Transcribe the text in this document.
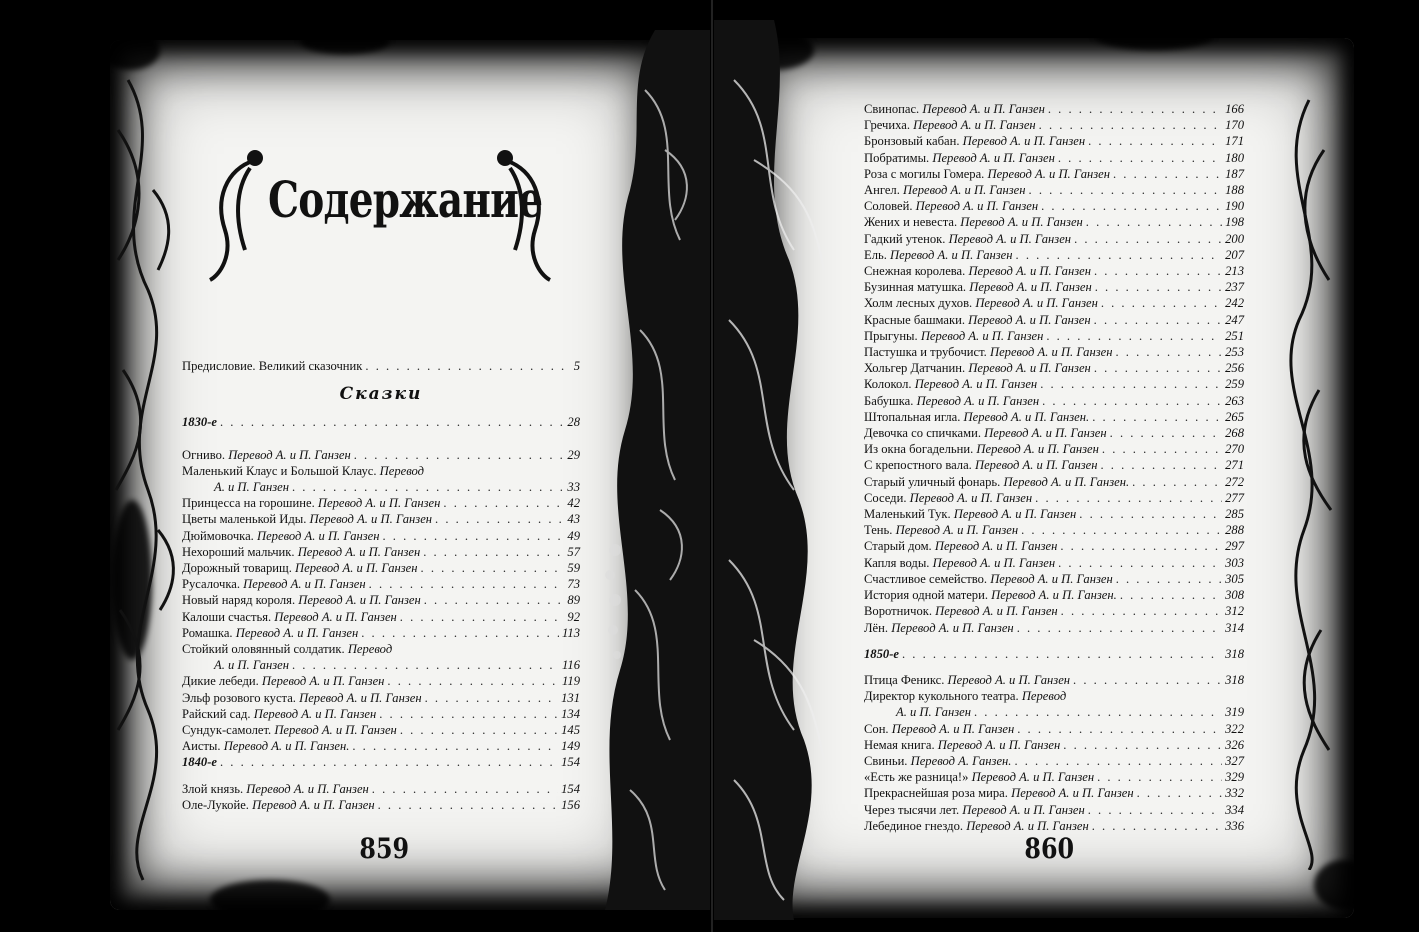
Содержание
Предисловие. Великий сказочник . . .	5
Сказки
1830-е . . .	28
Огниво. Перевод А. и П. Ганзен . . .	29
Маленький Клаус и Большой Клаус. Перевод
А. и П. Ганзен . . .	33
Принцесса на горошине. Перевод А. и П. Ганзен . . .	42
Цветы маленькой Иды. Перевод А. и П. Ганзен . . .	43
Дюймовочка. Перевод А. и П. Ганзен . . .	49
Нехороший мальчик. Перевод А. и П. Ганзен . . .	57
Дорожный товарищ. Перевод А. и П. Ганзен . . .	59
Русалочка. Перевод А. и П. Ганзен . . .	73
Новый наряд короля. Перевод А. и П. Ганзен . . .	89
Калоши счастья. Перевод А. и П. Ганзен . . .	92
Ромашка. Перевод А. и П. Ганзен . . .	113
Стойкий оловянный солдатик. Перевод
А. и П. Ганзен . . .	116
Дикие лебеди. Перевод А. и П. Ганзен . . .	119
Эльф розового куста. Перевод А. и П. Ганзен . . .	131
Райский сад. Перевод А. и П. Ганзен . . .	134
Сундук-самолет. Перевод А. и П. Ганзен . . .	145
Аисты. Перевод А. и П. Ганзен. . . .	149
1840-е . . .	154
Злой князь. Перевод А. и П. Ганзен . . .	154
Оле-Лукойе. Перевод А. и П. Ганзен . . .	156
859
Свинопас. Перевод А. и П. Ганзен . . .	166
Гречиха. Перевод А. и П. Ганзен . . .	170
Бронзовый кабан. Перевод А. и П. Ганзен . . .	171
Побратимы. Перевод А. и П. Ганзен . . .	180
Роза с могилы Гомера. Перевод А. и П. Ганзен . . .	187
Ангел. Перевод А. и П. Ганзен . . .	188
Соловей. Перевод А. и П. Ганзен . . .	190
Жених и невеста. Перевод А. и П. Ганзен . . .	198
Гадкий утенок. Перевод А. и П. Ганзен . . .	200
Ель. Перевод А. и П. Ганзен . . .	207
Снежная королева. Перевод А. и П. Ганзен . . .	213
Бузинная матушка. Перевод А. и П. Ганзен . . .	237
Холм лесных духов. Перевод А. и П. Ганзен . . .	242
Красные башмаки. Перевод А. и П. Ганзен . . .	247
Прыгуны. Перевод А. и П. Ганзен . . .	251
Пастушка и трубочист. Перевод А. и П. Ганзен . . .	253
Хольгер Датчанин. Перевод А. и П. Ганзен . . .	256
Колокол. Перевод А. и П. Ганзен . . .	259
Бабушка. Перевод А. и П. Ганзен . . .	263
Штопальная игла. Перевод А. и П. Ганзен. . . .	265
Девочка со спичками. Перевод А. и П. Ганзен . . .	268
Из окна богадельни. Перевод А. и П. Ганзен . . .	270
С крепостного вала. Перевод А. и П. Ганзен . . .	271
Старый уличный фонарь. Перевод А. и П. Ганзен. . . .	272
Соседи. Перевод А. и П. Ганзен . . .	277
Маленький Тук. Перевод А. и П. Ганзен . . .	285
Тень. Перевод А. и П. Ганзен . . .	288
Старый дом. Перевод А. и П. Ганзен . . .	297
Капля воды. Перевод А. и П. Ганзен . . .	303
Счастливое семейство. Перевод А. и П. Ганзен . . .	305
История одной матери. Перевод А. и П. Ганзен. . . .	308
Воротничок. Перевод А. и П. Ганзен . . .	312
Лён. Перевод А. и П. Ганзен . . .	314
1850-е . . .	318
Птица Феникс. Перевод А. и П. Ганзен . . .	318
Директор кукольного театра. Перевод
А. и П. Ганзен . . .	319
Сон. Перевод А. и П. Ганзен . . .	322
Немая книга. Перевод А. и П. Ганзен . . .	326
Свиньи. Перевод А. Ганзен. . . .	327
«Есть же разница!» Перевод А. и П. Ганзен . . .	329
Прекраснейшая роза мира. Перевод А. и П. Ганзен . . .	332
Через тысячи лет. Перевод А. и П. Ганзен . . .	334
Лебединое гнездо. Перевод А. и П. Ганзен . . .	336
860
